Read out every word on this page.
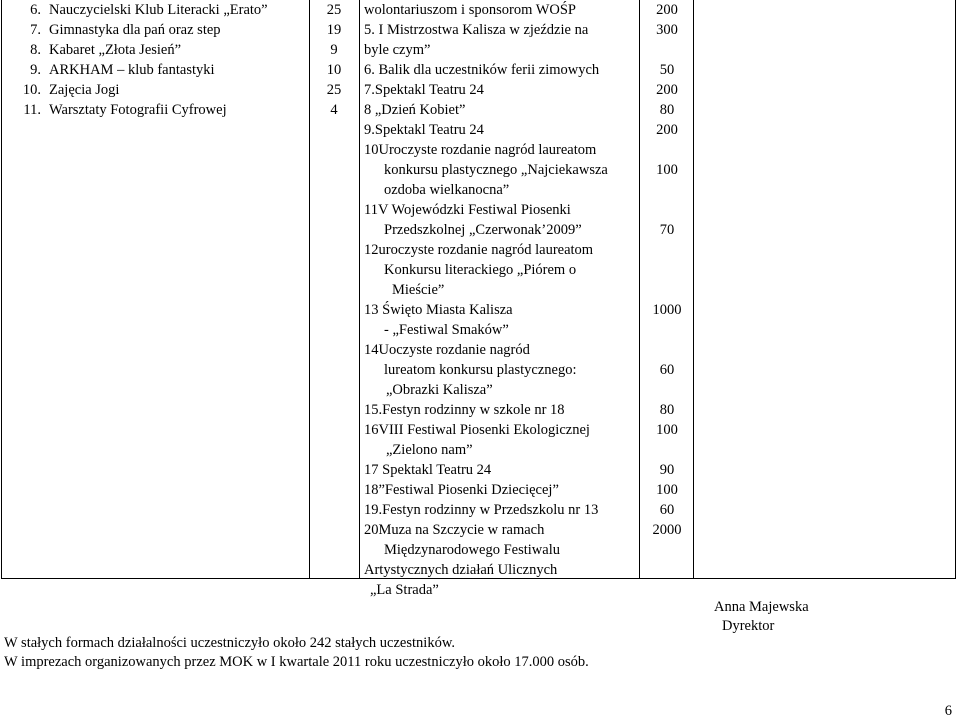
6. Nauczycielski Klub Literacki „Erato”
7. Gimnastyka dla pań oraz step
8. Kabaret „Złota Jesień”
9. ARKHAM – klub fantastyki
10. Zajęcia Jogi
11. Warsztaty Fotografii Cyfrowej
25
19
9
10
25
4
wolontariuszom i sponsorom WOŚP
5. I Mistrzostwa Kalisza w zjeździe na
byle czym”
6. Balik dla uczestników ferii zimowych
7.Spektakl Teatru 24
8 „Dzień Kobiet”
9.Spektakl Teatru 24
10Uroczyste rozdanie nagród laureatom
konkursu plastycznego „Najciekawsza
ozdoba wielkanocna”
11V Wojewódzki Festiwal Piosenki
Przedszkolnej „Czerwonak’2009”
12uroczyste rozdanie nagród laureatom
Konkursu literackiego „Piórem o
Mieście”
13 Święto Miasta Kalisza
- „Festiwal Smaków”
14Uoczyste rozdanie nagród
lureatom konkursu plastycznego:
„Obrazki Kalisza”
15.Festyn rodzinny w szkole nr 18
16VIII Festiwal Piosenki Ekologicznej
„Zielono nam”
17 Spektakl Teatru 24
18”Festiwal Piosenki Dziecięcej”
19.Festyn rodzinny w Przedszkolu nr 13
20Muza na Szczycie w ramach
Międzynarodowego Festiwalu
Artystycznych działań Ulicznych
„La Strada”
200
300
50
200
80
200
100
70
1000
60
80
100
90
100
60
2000
W stałych formach działalności uczestniczyło około 242 stałych uczestników.
W imprezach organizowanych przez MOK w I kwartale 2011 roku uczestniczyło około 17.000 osób.
Anna Majewska
Dyrektor
6
